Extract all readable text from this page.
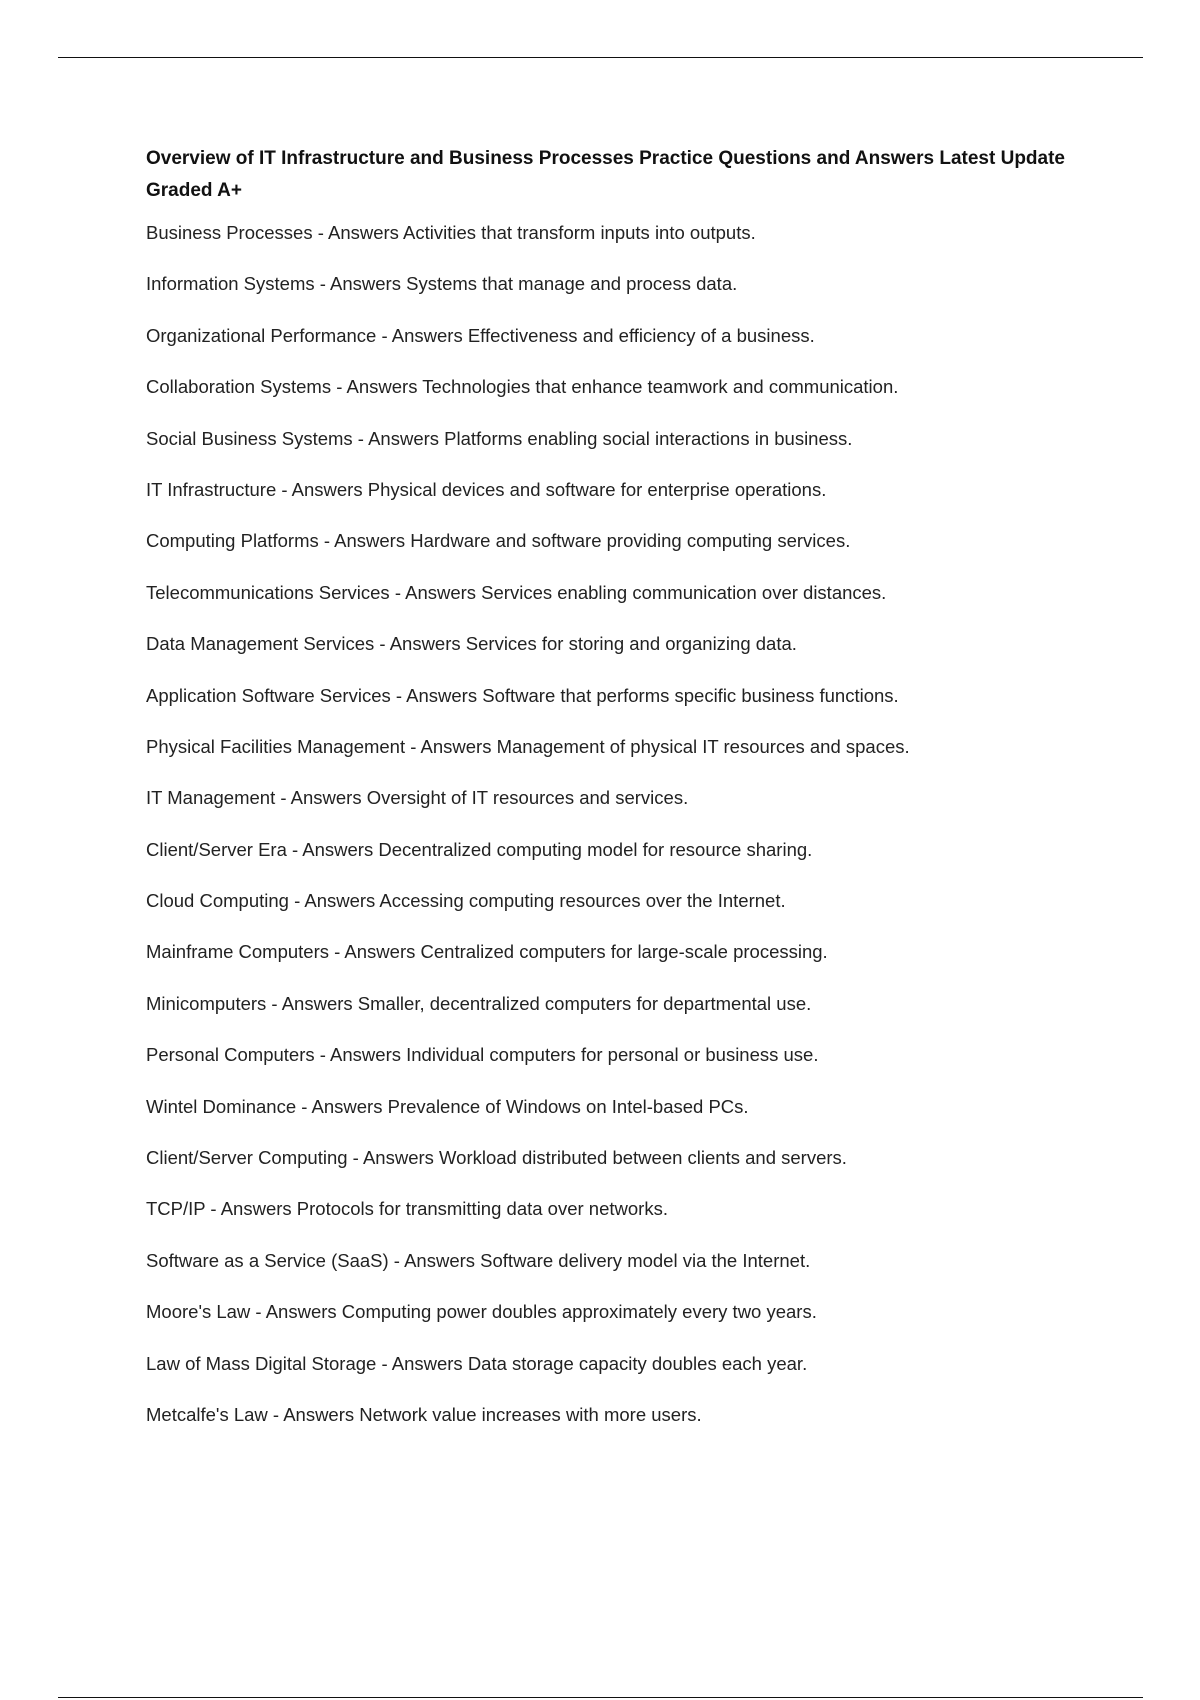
Overview of IT Infrastructure and Business Processes Practice Questions and Answers Latest Update Graded A+
Business Processes - Answers Activities that transform inputs into outputs.
Information Systems - Answers Systems that manage and process data.
Organizational Performance - Answers Effectiveness and efficiency of a business.
Collaboration Systems - Answers Technologies that enhance teamwork and communication.
Social Business Systems - Answers Platforms enabling social interactions in business.
IT Infrastructure - Answers Physical devices and software for enterprise operations.
Computing Platforms - Answers Hardware and software providing computing services.
Telecommunications Services - Answers Services enabling communication over distances.
Data Management Services - Answers Services for storing and organizing data.
Application Software Services - Answers Software that performs specific business functions.
Physical Facilities Management - Answers Management of physical IT resources and spaces.
IT Management - Answers Oversight of IT resources and services.
Client/Server Era - Answers Decentralized computing model for resource sharing.
Cloud Computing - Answers Accessing computing resources over the Internet.
Mainframe Computers - Answers Centralized computers for large-scale processing.
Minicomputers - Answers Smaller, decentralized computers for departmental use.
Personal Computers - Answers Individual computers for personal or business use.
Wintel Dominance - Answers Prevalence of Windows on Intel-based PCs.
Client/Server Computing - Answers Workload distributed between clients and servers.
TCP/IP - Answers Protocols for transmitting data over networks.
Software as a Service (SaaS) - Answers Software delivery model via the Internet.
Moore's Law - Answers Computing power doubles approximately every two years.
Law of Mass Digital Storage - Answers Data storage capacity doubles each year.
Metcalfe's Law - Answers Network value increases with more users.
